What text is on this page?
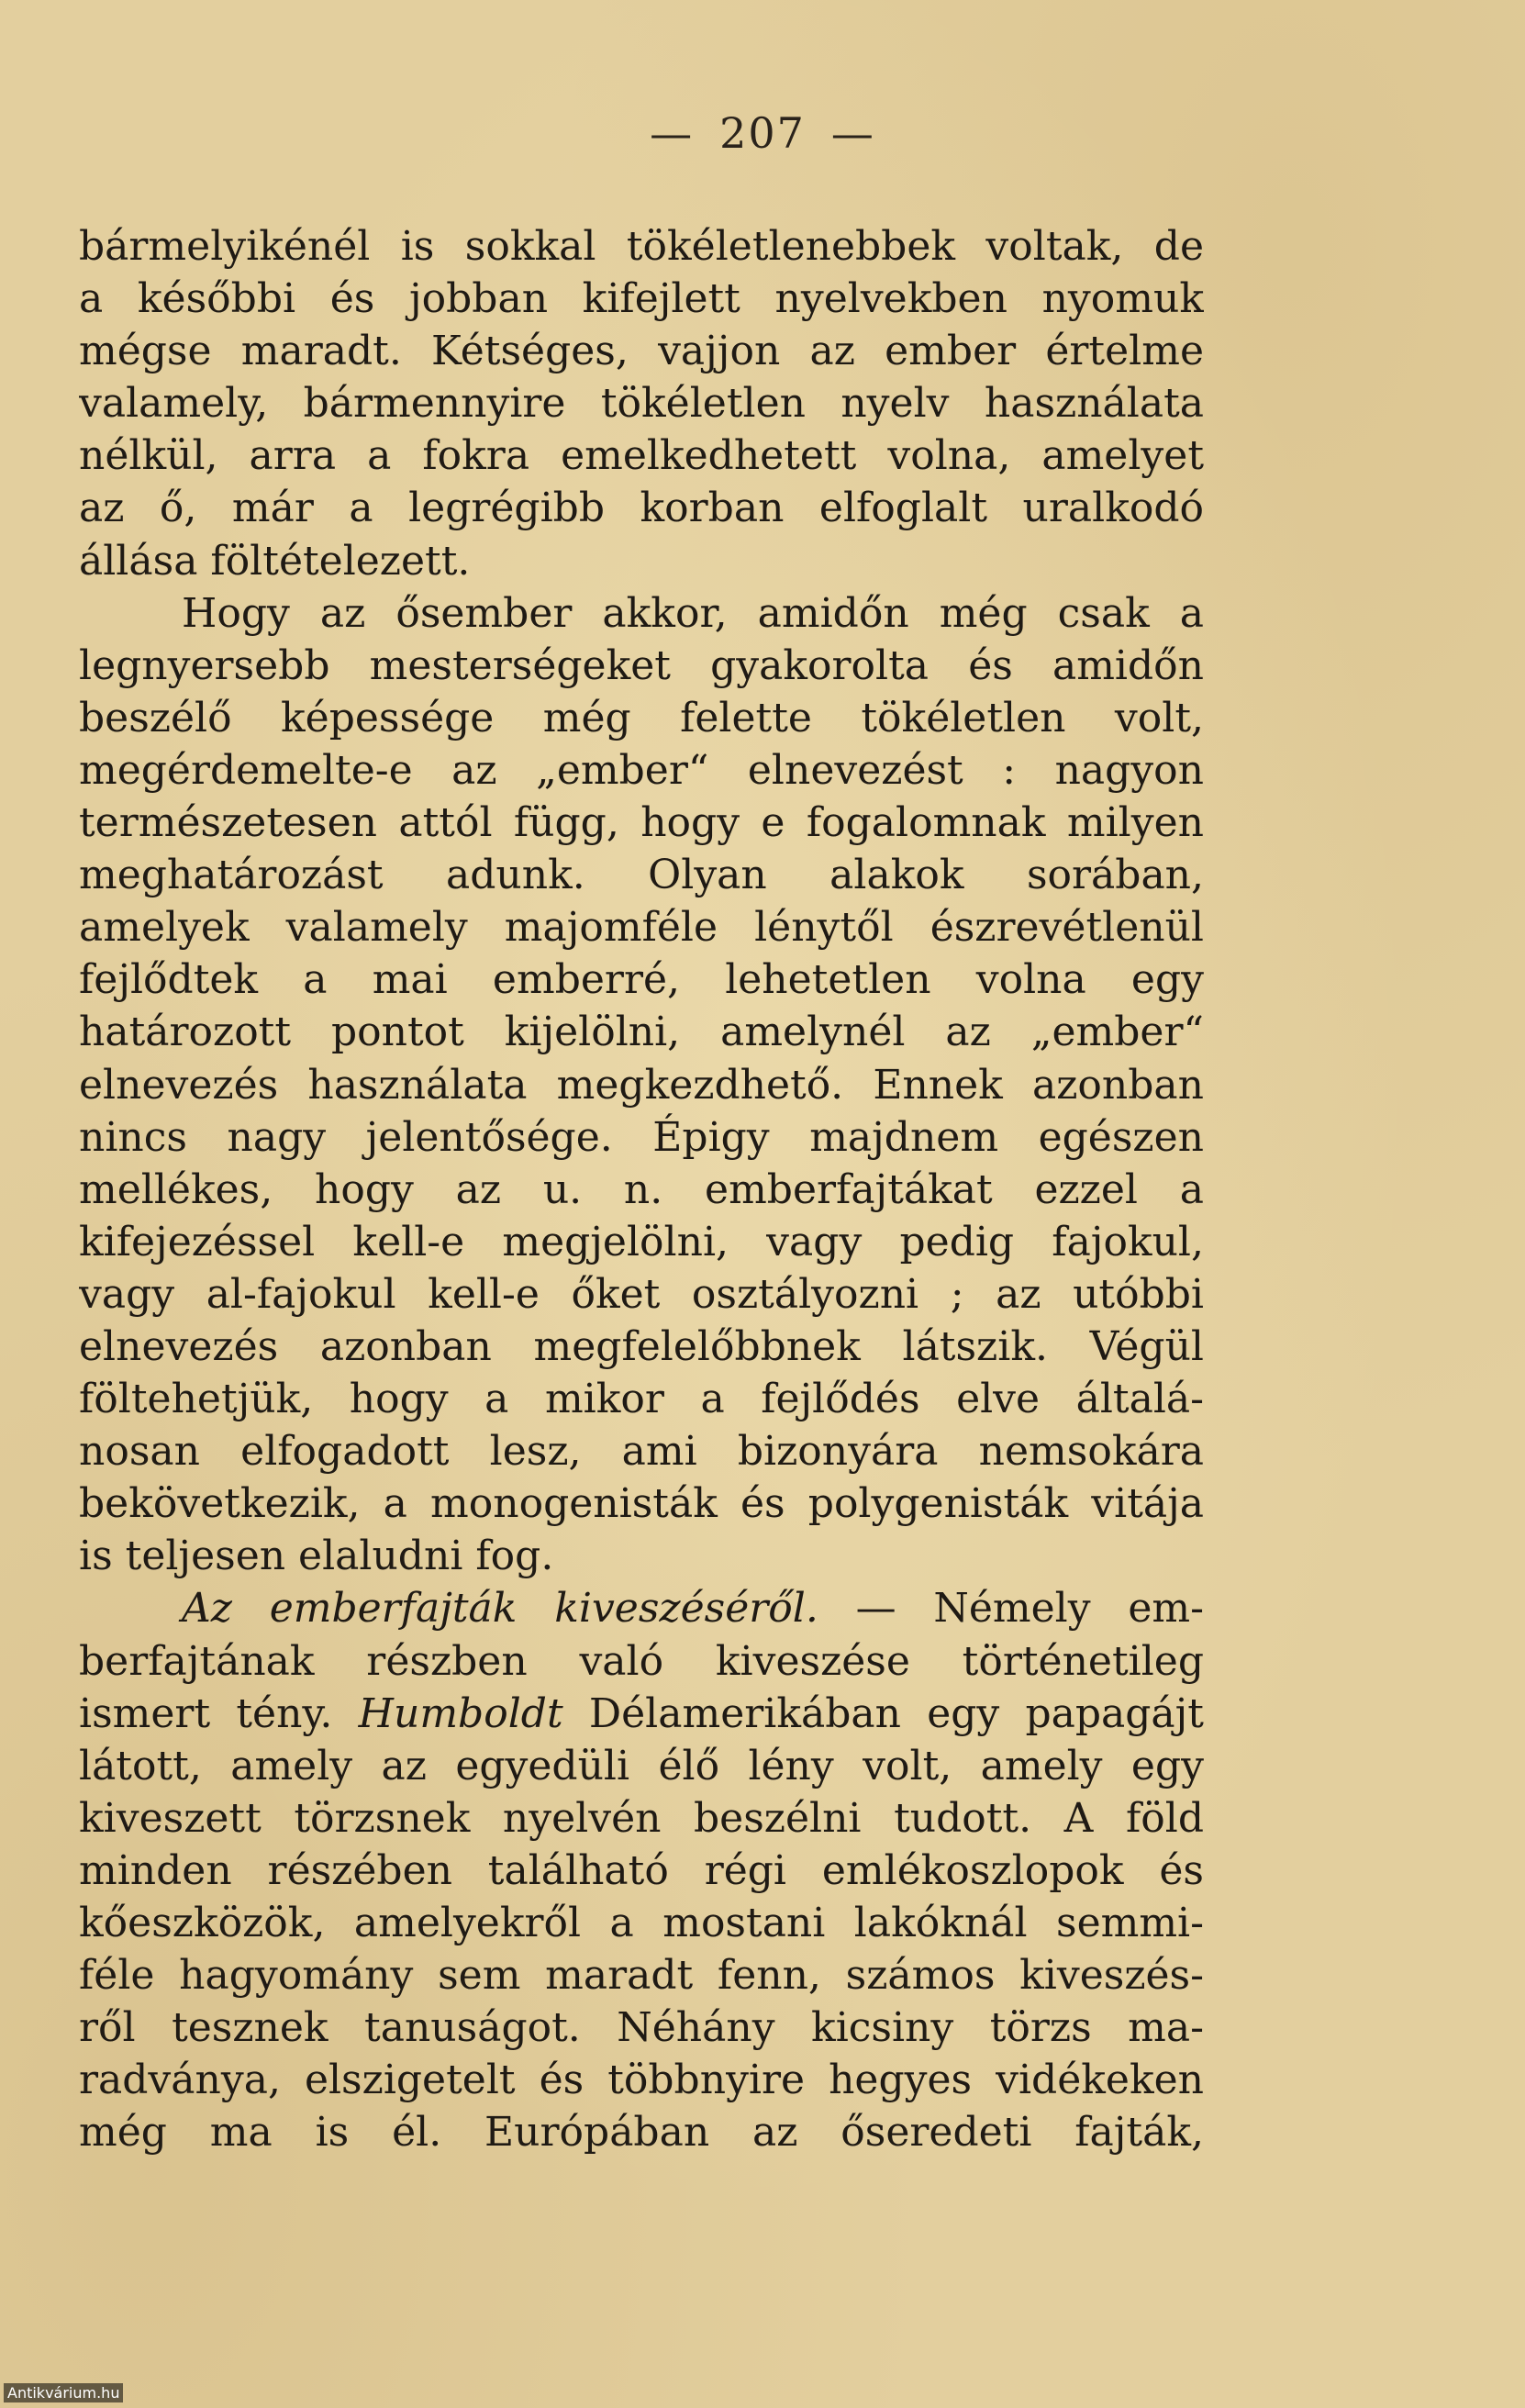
— 207 —
bármelyikénél is sokkal tökéletlenebbek voltak, de
a későbbi és jobban kifejlett nyelvekben nyomuk
mégse maradt. Kétséges, vajjon az ember értelme
valamely, bármennyire tökéletlen nyelv használata
nélkül, arra a fokra emelkedhetett volna, amelyet
az ő, már a legrégibb korban elfoglalt uralkodó
állása föltételezett.
Hogy az ősember akkor, amidőn még csak a
legnyersebb mesterségeket gyakorolta és amidőn
beszélő képessége még felette tökéletlen volt,
megérdemelte-e az „ember“ elnevezést : nagyon
természetesen attól függ, hogy e fogalomnak milyen
meghatározást adunk. Olyan alakok sorában,
amelyek valamely majomféle lénytől észrevétlenül
fejlődtek a mai emberré, lehetetlen volna egy
határozott pontot kijelölni, amelynél az „ember“
elnevezés használata megkezdhető. Ennek azonban
nincs nagy jelentősége. Épigy majdnem egészen
mellékes, hogy az u. n. emberfajtákat ezzel a
kifejezéssel kell-e megjelölni, vagy pedig fajokul,
vagy al-fajokul kell-e őket osztályozni ; az utóbbi
elnevezés azonban megfelelőbbnek látszik. Végül
föltehetjük, hogy a mikor a fejlődés elve általá-
nosan elfogadott lesz, ami bizonyára nemsokára
bekövetkezik, a monogenisták és polygenisták vitája
is teljesen elaludni fog.
Az emberfajták kiveszéséről. — Némely em-
berfajtának részben való kiveszése történetileg
ismert tény. Humboldt Délamerikában egy papagájt
látott, amely az egyedüli élő lény volt, amely egy
kiveszett törzsnek nyelvén beszélni tudott. A föld
minden részében található régi emlékoszlopok és
kőeszközök, amelyekről a mostani lakóknál semmi-
féle hagyomány sem maradt fenn, számos kiveszés-
ről tesznek tanuságot. Néhány kicsiny törzs ma-
radványa, elszigetelt és többnyire hegyes vidékeken
még ma is él. Európában az őseredeti fajták,
Antikvárium.hu
